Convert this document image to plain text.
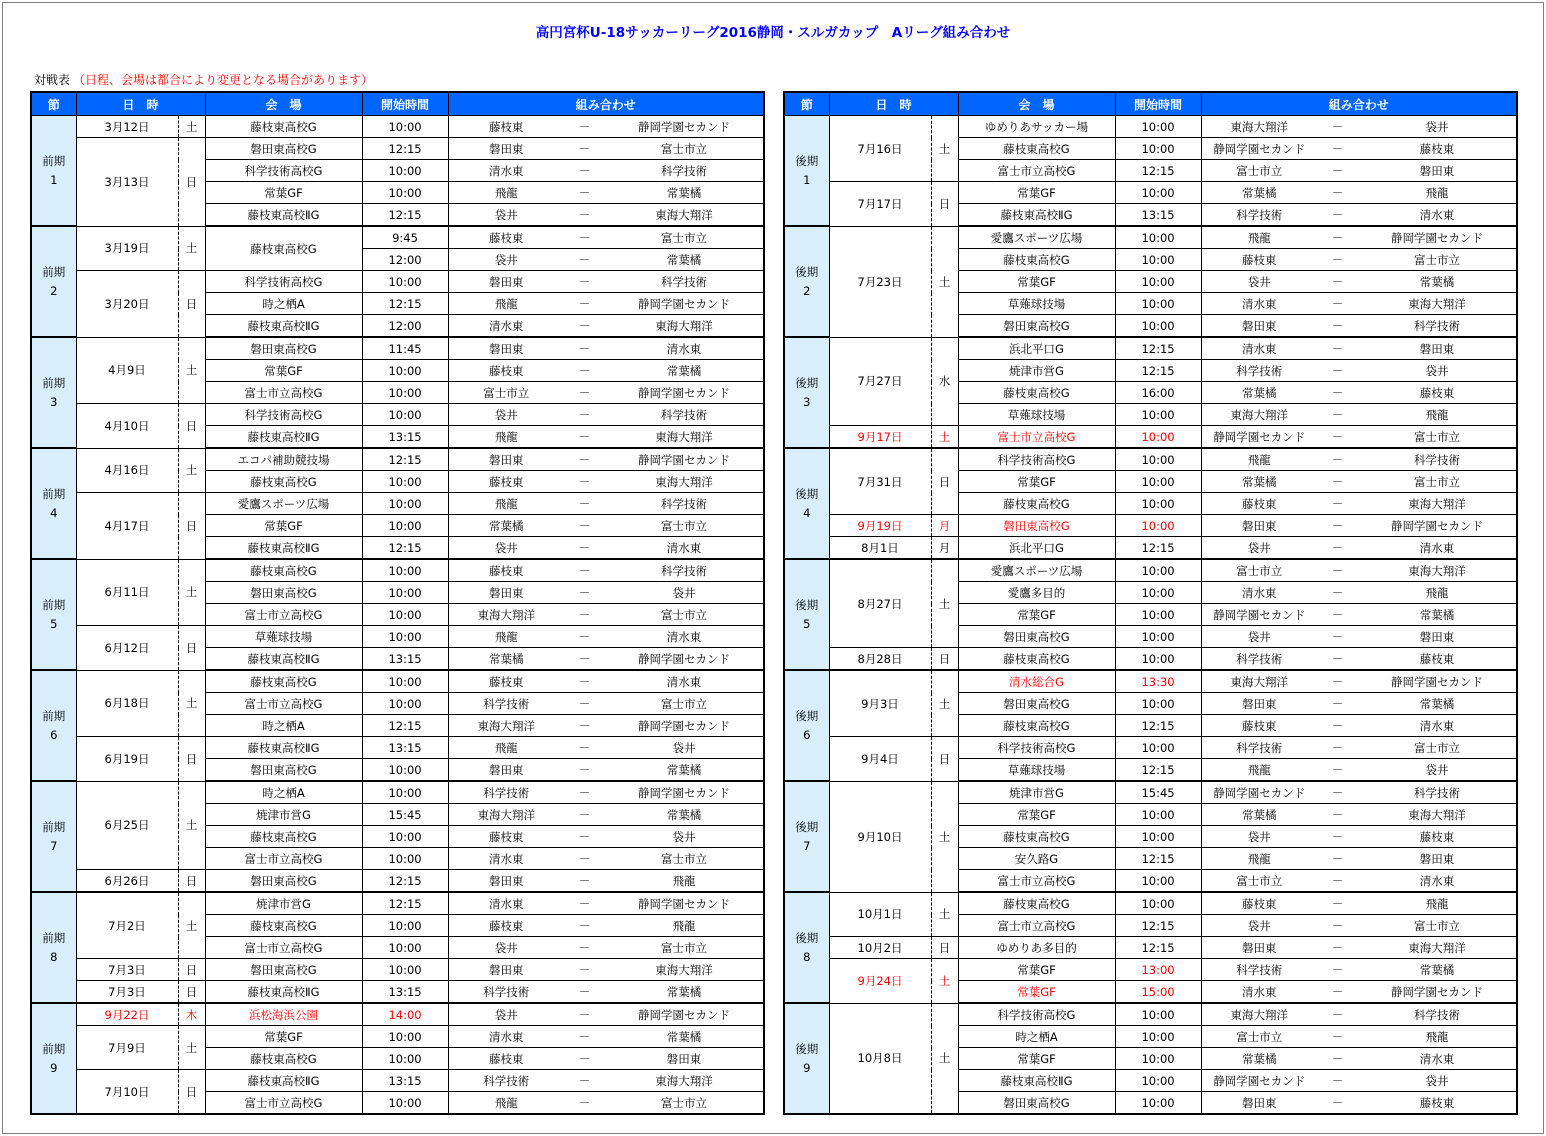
高円宮杯U-18サッカーリーグ2016静岡・スルガカップ　Aリーグ組み合わせ
対戦表 （日程、会場は都合により変更となる場合があります）
節	日　時		会　場	開始時間	組み合わせ		

前期
1	3月12日	土	藤枝東高校G	10:00	藤枝東	－	静岡学園セカンド
	3月13日	日	磐田東高校G	12:15	磐田東	－	富士市立
			科学技術高校G	10:00	清水東	－	科学技術
			常葉GF	10:00	飛龍	－	常葉橘
			藤枝東高校ⅡG	12:15	袋井	－	東海大翔洋

前期
2	3月19日	土	藤枝東高校G	9:45	藤枝東	－	富士市立
				12:00	袋井	－	常葉橘
	3月20日	日	科学技術高校G	10:00	磐田東	－	科学技術
			時之栖A	12:15	飛龍	－	静岡学園セカンド
			藤枝東高校ⅡG	12:00	清水東	－	東海大翔洋

前期
3	4月9日	土	磐田東高校G	11:45	磐田東	－	清水東
			常葉GF	10:00	藤枝東	－	常葉橘
			富士市立高校G	10:00	富士市立	－	静岡学園セカンド
	4月10日	日	科学技術高校G	10:00	袋井	－	科学技術
			藤枝東高校ⅡG	13:15	飛龍	－	東海大翔洋

前期
4	4月16日	土	エコパ補助競技場	12:15	磐田東	－	静岡学園セカンド
			藤枝東高校G	10:00	藤枝東	－	東海大翔洋
	4月17日	日	愛鷹スポーツ広場	10:00	飛龍	－	科学技術
			常葉GF	10:00	常葉橘	－	富士市立
			藤枝東高校ⅡG	12:15	袋井	－	清水東

前期
5	6月11日	土	藤枝東高校G	10:00	藤枝東	－	科学技術
			磐田東高校G	10:00	磐田東	－	袋井
			富士市立高校G	10:00	東海大翔洋	－	富士市立
	6月12日	日	草薙球技場	10:00	飛龍	－	清水東
			藤枝東高校ⅡG	13:15	常葉橘	－	静岡学園セカンド

前期
6	6月18日	土	藤枝東高校G	10:00	藤枝東	－	清水東
			富士市立高校G	10:00	科学技術	－	富士市立
			時之栖A	12:15	東海大翔洋	－	静岡学園セカンド
	6月19日	日	藤枝東高校ⅡG	13:15	飛龍	－	袋井
			磐田東高校G	10:00	磐田東	－	常葉橘

前期
7	6月25日	土	時之栖A	10:00	科学技術	－	静岡学園セカンド
			焼津市営G	15:45	東海大翔洋	－	常葉橘
			藤枝東高校G	10:00	藤枝東	－	袋井
			富士市立高校G	10:00	清水東	－	富士市立
	6月26日	日	磐田東高校G	12:15	磐田東	－	飛龍

前期
8	7月2日	土	焼津市営G	12:15	清水東	－	静岡学園セカンド
			藤枝東高校G	10:00	藤枝東	－	飛龍
			富士市立高校G	10:00	袋井	－	富士市立
	7月3日	日	磐田東高校G	10:00	磐田東	－	東海大翔洋
	7月3日	日	藤枝東高校ⅡG	13:15	科学技術	－	常葉橘

前期
9	9月22日	木	浜松海浜公園	14:00	袋井	－	静岡学園セカンド
	7月9日	土	常葉GF	10:00	清水東	－	常葉橘
			藤枝東高校G	10:00	藤枝東	－	磐田東
	7月10日	日	藤枝東高校ⅡG	13:15	科学技術	－	東海大翔洋
			富士市立高校G	10:00	飛龍	－	富士市立
節	日　時		会　場	開始時間	組み合わせ		

後期
1	7月16日	土	ゆめりあサッカー場	10:00	東海大翔洋	－	袋井
			藤枝東高校G	10:00	静岡学園セカンド	－	藤枝東
			富士市立高校G	12:15	富士市立	－	磐田東
	7月17日	日	常葉GF	10:00	常葉橘	－	飛龍
			藤枝東高校ⅡG	13:15	科学技術	－	清水東

後期
2	7月23日	土	愛鷹スポーツ広場	10:00	飛龍	－	静岡学園セカンド
			藤枝東高校G	10:00	藤枝東	－	富士市立
			常葉GF	10:00	袋井	－	常葉橘
			草薙球技場	10:00	清水東	－	東海大翔洋
			磐田東高校G	10:00	磐田東	－	科学技術

後期
3	7月27日	水	浜北平口G	12:15	清水東	－	磐田東
			焼津市営G	12:15	科学技術	－	袋井
			藤枝東高校G	16:00	常葉橘	－	藤枝東
			草薙球技場	10:00	東海大翔洋	－	飛龍
	9月17日	土	富士市立高校G	10:00	静岡学園セカンド	－	富士市立

後期
4	7月31日	日	科学技術高校G	10:00	飛龍	－	科学技術
			常葉GF	10:00	常葉橘	－	富士市立
			藤枝東高校G	10:00	藤枝東	－	東海大翔洋
	9月19日	月	磐田東高校G	10:00	磐田東	－	静岡学園セカンド
	8月1日	月	浜北平口G	12:15	袋井	－	清水東

後期
5	8月27日	土	愛鷹スポーツ広場	10:00	富士市立	－	東海大翔洋
			愛鷹多目的	10:00	清水東	－	飛龍
			常葉GF	10:00	静岡学園セカンド	－	常葉橘
			磐田東高校G	10:00	袋井	－	磐田東
	8月28日	日	藤枝東高校G	10:00	科学技術	－	藤枝東

後期
6	9月3日	土	清水総合G	13:30	東海大翔洋	－	静岡学園セカンド
			磐田東高校G	10:00	磐田東	－	常葉橘
			藤枝東高校G	12:15	藤枝東	－	清水東
	9月4日	日	科学技術高校G	10:00	科学技術	－	富士市立
			草薙球技場	12:15	飛龍	－	袋井

後期
7	9月10日	土	焼津市営G	15:45	静岡学園セカンド	－	科学技術
			常葉GF	10:00	常葉橘	－	東海大翔洋
			藤枝東高校G	10:00	袋井	－	藤枝東
			安久路G	12:15	飛龍	－	磐田東
			富士市立高校G	10:00	富士市立	－	清水東

後期
8	10月1日	土	藤枝東高校G	10:00	藤枝東	－	飛龍
			富士市立高校G	12:15	袋井	－	富士市立
	10月2日	日	ゆめりあ多目的	12:15	磐田東	－	東海大翔洋
	9月24日	土	常葉GF	13:00	科学技術	－	常葉橘
			常葉GF	15:00	清水東	－	静岡学園セカンド

後期
9	10月8日	土	科学技術高校G	10:00	東海大翔洋	－	科学技術
			時之栖A	10:00	富士市立	－	飛龍
			常葉GF	10:00	常葉橘	－	清水東
			藤枝東高校ⅡG	10:00	静岡学園セカンド	－	袋井
			磐田東高校G	10:00	磐田東	－	藤枝東
